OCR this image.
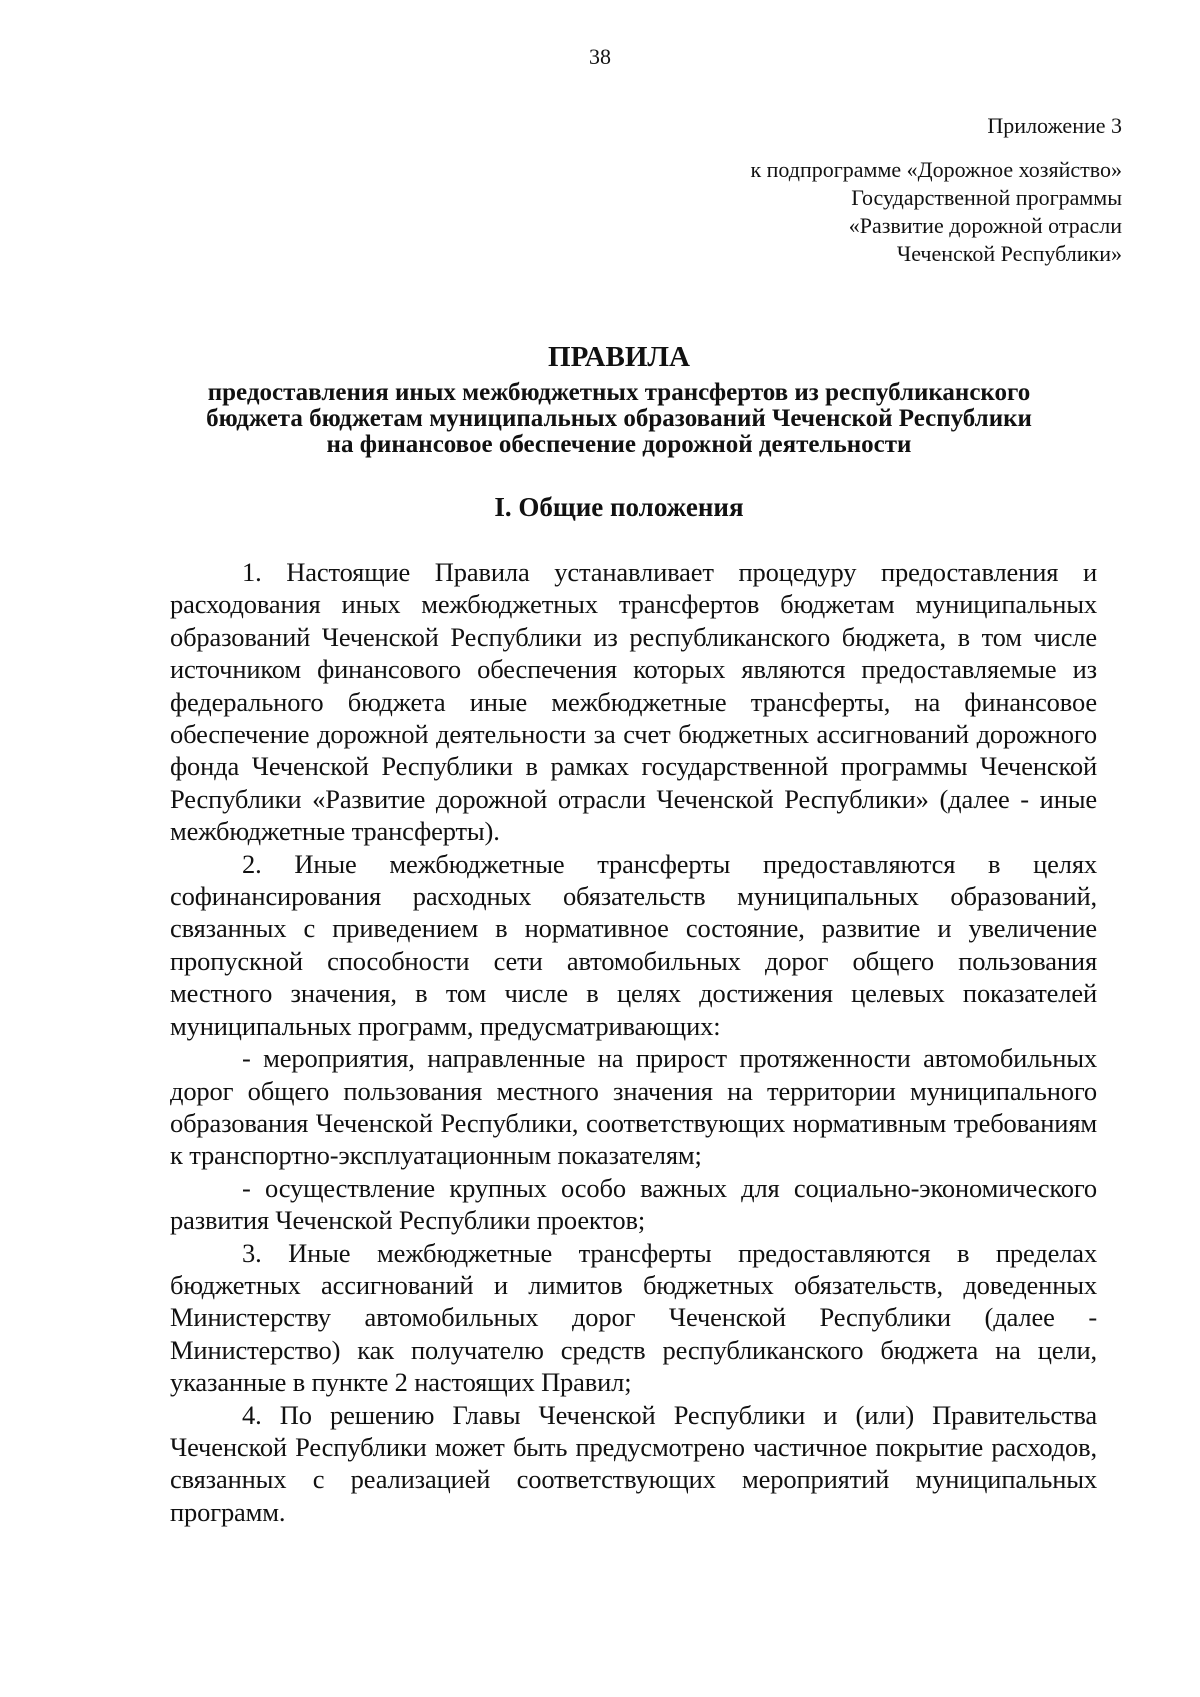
38
Приложение 3
к подпрограмме «Дорожное хозяйство»
Государственной программы
«Развитие дорожной отрасли
Чеченской Республики»
ПРАВИЛА
предоставления иных межбюджетных трансфертов из республиканского
бюджета бюджетам муниципальных образований Чеченской Республики
на финансовое обеспечение дорожной деятельности
I. Общие положения

1. Настоящие Правила устанавливает процедуру предоставления и расходования иных межбюджетных трансфертов бюджетам муниципальных образований Чеченской Республики из республиканского бюджета, в том числе источником финансового обеспечения которых являются предоставляемые из федерального бюджета иные межбюджетные трансферты, на финансовое обеспечение дорожной деятельности за счет бюджетных ассигнований дорожного фонда Чеченской Республики в рамках государственной программы Чеченской Республики «Развитие дорожной отрасли Чеченской Республики» (далее - иные межбюджетные трансферты).

2. Иные межбюджетные трансферты предоставляются в целях софинансирования расходных обязательств муниципальных образований, связанных с приведением в нормативное состояние, развитие и увеличение пропускной способности сети автомобильных дорог общего пользования местного значения, в том числе в целях достижения целевых показателей муниципальных программ, предусматривающих:

- мероприятия, направленные на прирост протяженности автомобильных дорог общего пользования местного значения на территории муниципального образования Чеченской Республики, соответствующих нормативным требованиям к транспортно-эксплуатационным показателям;

- осуществление крупных особо важных для социально-экономического развития Чеченской Республики проектов;

3. Иные межбюджетные трансферты предоставляются в пределах бюджетных ассигнований и лимитов бюджетных обязательств, доведенных Министерству автомобильных дорог Чеченской Республики (далее - Министерство) как получателю средств республиканского бюджета на цели, указанные в пункте 2 настоящих Правил;

4. По решению Главы Чеченской Республики и (или) Правительства Чеченской Республики может быть предусмотрено частичное покрытие расходов, связанных с реализацией соответствующих мероприятий муниципальных программ.
